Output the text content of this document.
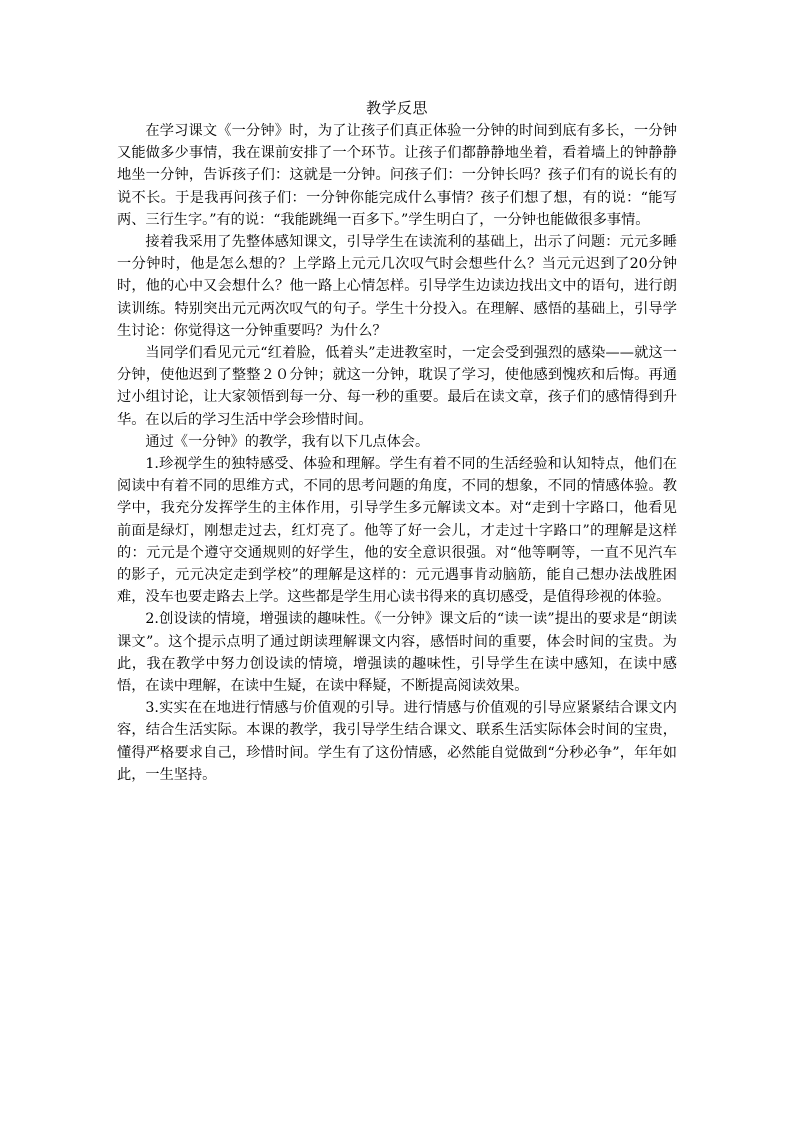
教学反思

在学习课文《一分钟》时，为了让孩子们真正体验一分钟的时间到底有多长，一分钟又能做多少事情，我在课前安排了一个环节。让孩子们都静静地坐着，看着墙上的钟静静地坐一分钟，告诉孩子们：这就是一分钟。问孩子们：一分钟长吗？孩子们有的说长有的说不长。于是我再问孩子们：一分钟你能完成什么事情？孩子们想了想，有的说：“能写两、三行生字。”有的说：“我能跳绳一百多下。”学生明白了，一分钟也能做很多事情。

接着我采用了先整体感知课文，引导学生在读流利的基础上，出示了问题：元元多睡一分钟时，他是怎么想的？上学路上元元几次叹气时会想些什么？当元元迟到了20分钟时，他的心中又会想什么？他一路上心情怎样。引导学生边读边找出文中的语句，进行朗读训练。特别突出元元两次叹气的句子。学生十分投入。在理解、感悟的基础上，引导学生讨论：你觉得这一分钟重要吗？为什么？

当同学们看见元元“红着脸，低着头”走进教室时，一定会受到强烈的感染——就这一分钟，使他迟到了整整２０分钟；就这一分钟，耽误了学习，使他感到愧疚和后悔。再通过小组讨论，让大家领悟到每一分、每一秒的重要。最后在读文章，孩子们的感情得到升华。在以后的学习生活中学会珍惜时间。

通过《一分钟》的教学，我有以下几点体会。

1.珍视学生的独特感受、体验和理解。学生有着不同的生活经验和认知特点，他们在阅读中有着不同的思维方式，不同的思考问题的角度，不同的想象，不同的情感体验。教学中，我充分发挥学生的主体作用，引导学生多元解读文本。对“走到十字路口，他看见前面是绿灯，刚想走过去，红灯亮了。他等了好一会儿，才走过十字路口”的理解是这样的：元元是个遵守交通规则的好学生，他的安全意识很强。对“他等啊等，一直不见汽车的影子，元元决定走到学校”的理解是这样的：元元遇事肯动脑筋，能自己想办法战胜困难，没车也要走路去上学。这些都是学生用心读书得来的真切感受，是值得珍视的体验。

2.创设读的情境，增强读的趣味性。《一分钟》课文后的“读一读”提出的要求是“朗读课文”。这个提示点明了通过朗读理解课文内容，感悟时间的重要，体会时间的宝贵。为此，我在教学中努力创设读的情境，增强读的趣味性，引导学生在读中感知，在读中感悟，在读中理解，在读中生疑，在读中释疑，不断提高阅读效果。

3.实实在在地进行情感与价值观的引导。进行情感与价值观的引导应紧紧结合课文内容，结合生活实际。本课的教学，我引导学生结合课文、联系生活实际体会时间的宝贵，懂得严格要求自己，珍惜时间。学生有了这份情感，必然能自觉做到“分秒必争”，年年如此，一生坚持。
